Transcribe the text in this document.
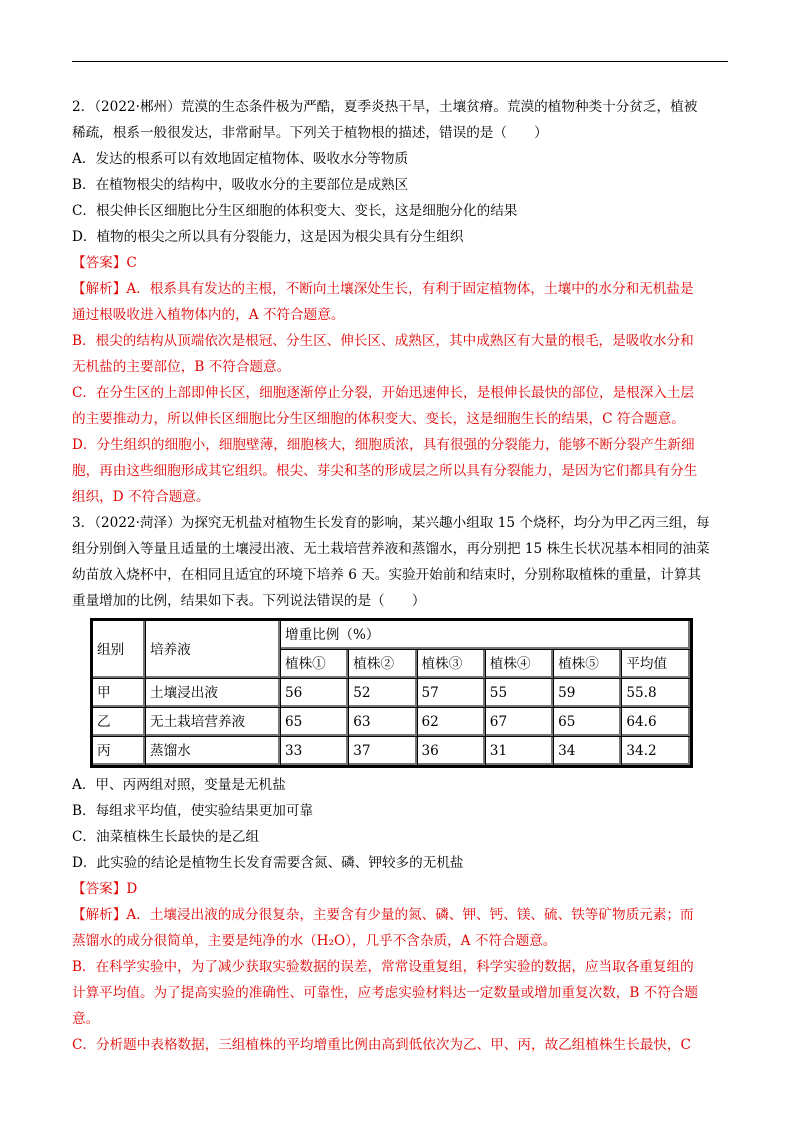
2．（2022·郴州）荒漠的生态条件极为严酷，夏季炎热干旱，土壤贫瘠。荒漠的植物种类十分贫乏，植被

稀疏，根系一般很发达，非常耐旱。下列关于植物根的描述，错误的是（　　）

A．发达的根系可以有效地固定植物体、吸收水分等物质

B．在植物根尖的结构中，吸收水分的主要部位是成熟区

C．根尖伸长区细胞比分生区细胞的体积变大、变长，这是细胞分化的结果

D．植物的根尖之所以具有分裂能力，这是因为根尖具有分生组织

【答案】C

【解析】A．根系具有发达的主根，不断向土壤深处生长，有利于固定植物体，土壤中的水分和无机盐是

通过根吸收进入植物体内的，A 不符合题意。

B．根尖的结构从顶端依次是根冠、分生区、伸长区、成熟区，其中成熟区有大量的根毛，是吸收水分和

无机盐的主要部位，B 不符合题意。

C．在分生区的上部即伸长区，细胞逐渐停止分裂，开始迅速伸长，是根伸长最快的部位，是根深入土层

的主要推动力，所以伸长区细胞比分生区细胞的体积变大、变长，这是细胞生长的结果，C 符合题意。

D．分生组织的细胞小，细胞壁薄，细胞核大，细胞质浓，具有很强的分裂能力，能够不断分裂产生新细

胞，再由这些细胞形成其它组织。根尖、芽尖和茎的形成层之所以具有分裂能力，是因为它们都具有分生

组织，D 不符合题意。

3．（2022·菏泽）为探究无机盐对植物生长发育的影响，某兴趣小组取 15 个烧杯，均分为甲乙丙三组，每

组分别倒入等量且适量的土壤浸出液、无土栽培营养液和蒸馏水，再分别把 15 株生长状况基本相同的油菜

幼苗放入烧杯中，在相同且适宜的环境下培养 6 天。实验开始前和结束时，分别称取植株的重量，计算其

重量增加的比例，结果如下表。下列说法错误的是（　　）

组别	培养液	增重比例（%）					
		植株①	植株②	植株③	植株④	植株⑤	平均值
甲	土壤浸出液	56	52	57	55	59	55.8
乙	无土栽培营养液	65	63	62	67	65	64.6
丙	蒸馏水	33	37	36	31	34	34.2

A．甲、丙两组对照，变量是无机盐

B．每组求平均值，使实验结果更加可靠

C．油菜植株生长最快的是乙组

D．此实验的结论是植物生长发育需要含氮、磷、钾较多的无机盐

【答案】D

【解析】A．土壤浸出液的成分很复杂，主要含有少量的氮、磷、钾、钙、镁、硫、铁等矿物质元素；而

蒸馏水的成分很简单，主要是纯净的水（H₂O），几乎不含杂质，A 不符合题意。

B．在科学实验中，为了减少获取实验数据的误差，常常设重复组，科学实验的数据，应当取各重复组的

计算平均值。为了提高实验的准确性、可靠性，应考虑实验材料达一定数量或增加重复次数，B 不符合题

意。

C．分析题中表格数据，三组植株的平均增重比例由高到低依次为乙、甲、丙，故乙组植株生长最快，C
